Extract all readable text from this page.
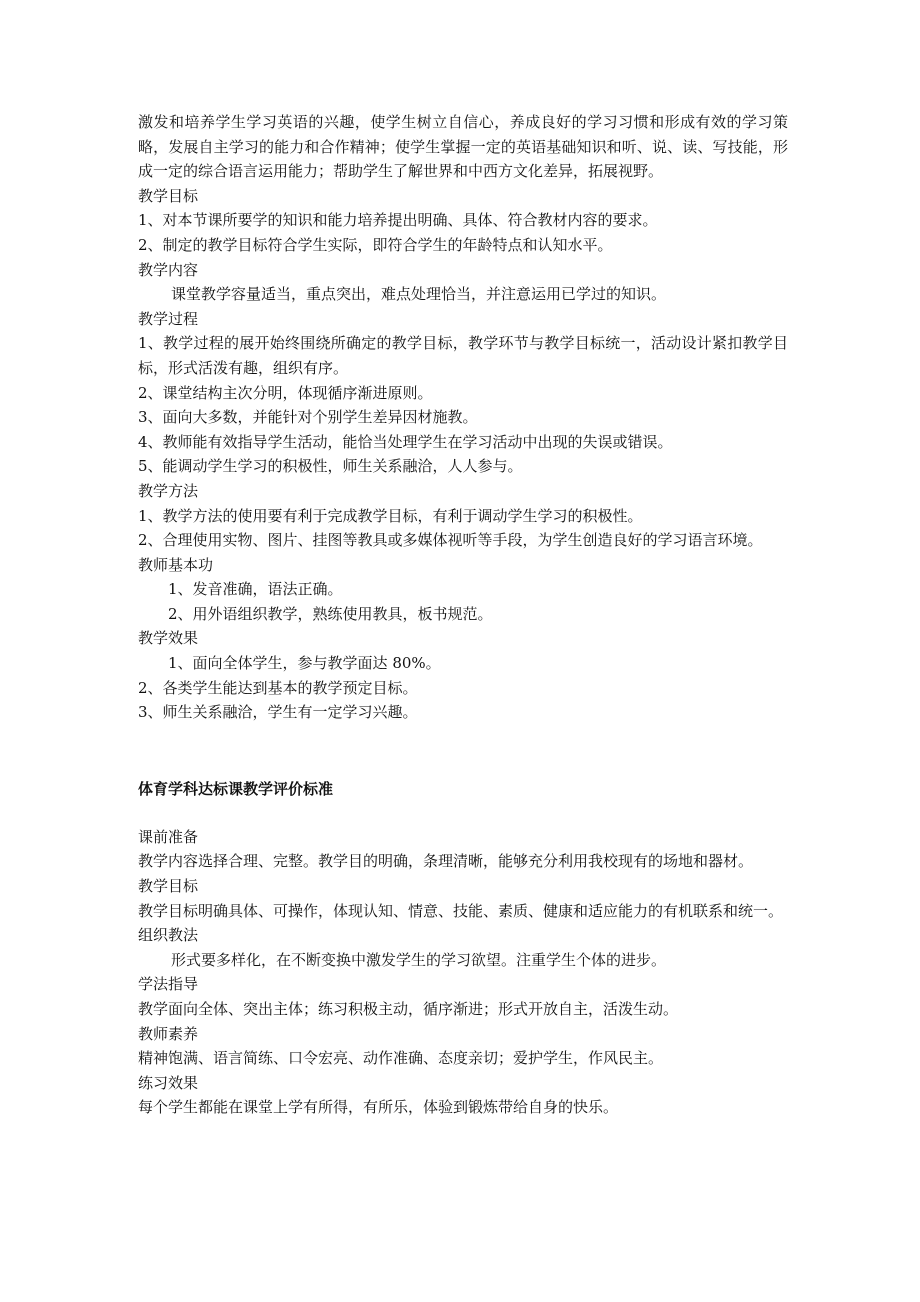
激发和培养学生学习英语的兴趣，使学生树立自信心，养成良好的学习习惯和形成有效的学习策略，发展自主学习的能力和合作精神；使学生掌握一定的英语基础知识和听、说、读、写技能，形成一定的综合语言运用能力；帮助学生了解世界和中西方文化差异，拓展视野。

教学目标

1、对本节课所要学的知识和能力培养提出明确、具体、符合教材内容的要求。

2、制定的教学目标符合学生实际，即符合学生的年龄特点和认知水平。

教学内容

课堂教学容量适当，重点突出，难点处理恰当，并注意运用已学过的知识。

教学过程

1、教学过程的展开始终围绕所确定的教学目标，教学环节与教学目标统一，活动设计紧扣教学目标，形式活泼有趣，组织有序。

2、课堂结构主次分明，体现循序渐进原则。

3、面向大多数，并能针对个别学生差异因材施教。

4、教师能有效指导学生活动，能恰当处理学生在学习活动中出现的失误或错误。

5、能调动学生学习的积极性，师生关系融洽，人人参与。

教学方法

1、教学方法的使用要有利于完成教学目标，有利于调动学生学习的积极性。

2、合理使用实物、图片、挂图等教具或多媒体视听等手段，为学生创造良好的学习语言环境。

教师基本功

1、发音准确，语法正确。

2、用外语组织教学，熟练使用教具，板书规范。

教学效果

1、面向全体学生，参与教学面达 80%。

2、各类学生能达到基本的教学预定目标。

3、师生关系融洽，学生有一定学习兴趣。

体育学科达标课教学评价标准

课前准备

教学内容选择合理、完整。教学目的明确，条理清晰，能够充分利用我校现有的场地和器材。

教学目标

教学目标明确具体、可操作，体现认知、情意、技能、素质、健康和适应能力的有机联系和统一。

组织教法

形式要多样化，在不断变换中激发学生的学习欲望。注重学生个体的进步。

学法指导

教学面向全体、突出主体；练习积极主动，循序渐进；形式开放自主，活泼生动。

教师素养

精神饱满、语言简练、口令宏亮、动作准确、态度亲切；爱护学生，作风民主。

练习效果

每个学生都能在课堂上学有所得，有所乐，体验到锻炼带给自身的快乐。
